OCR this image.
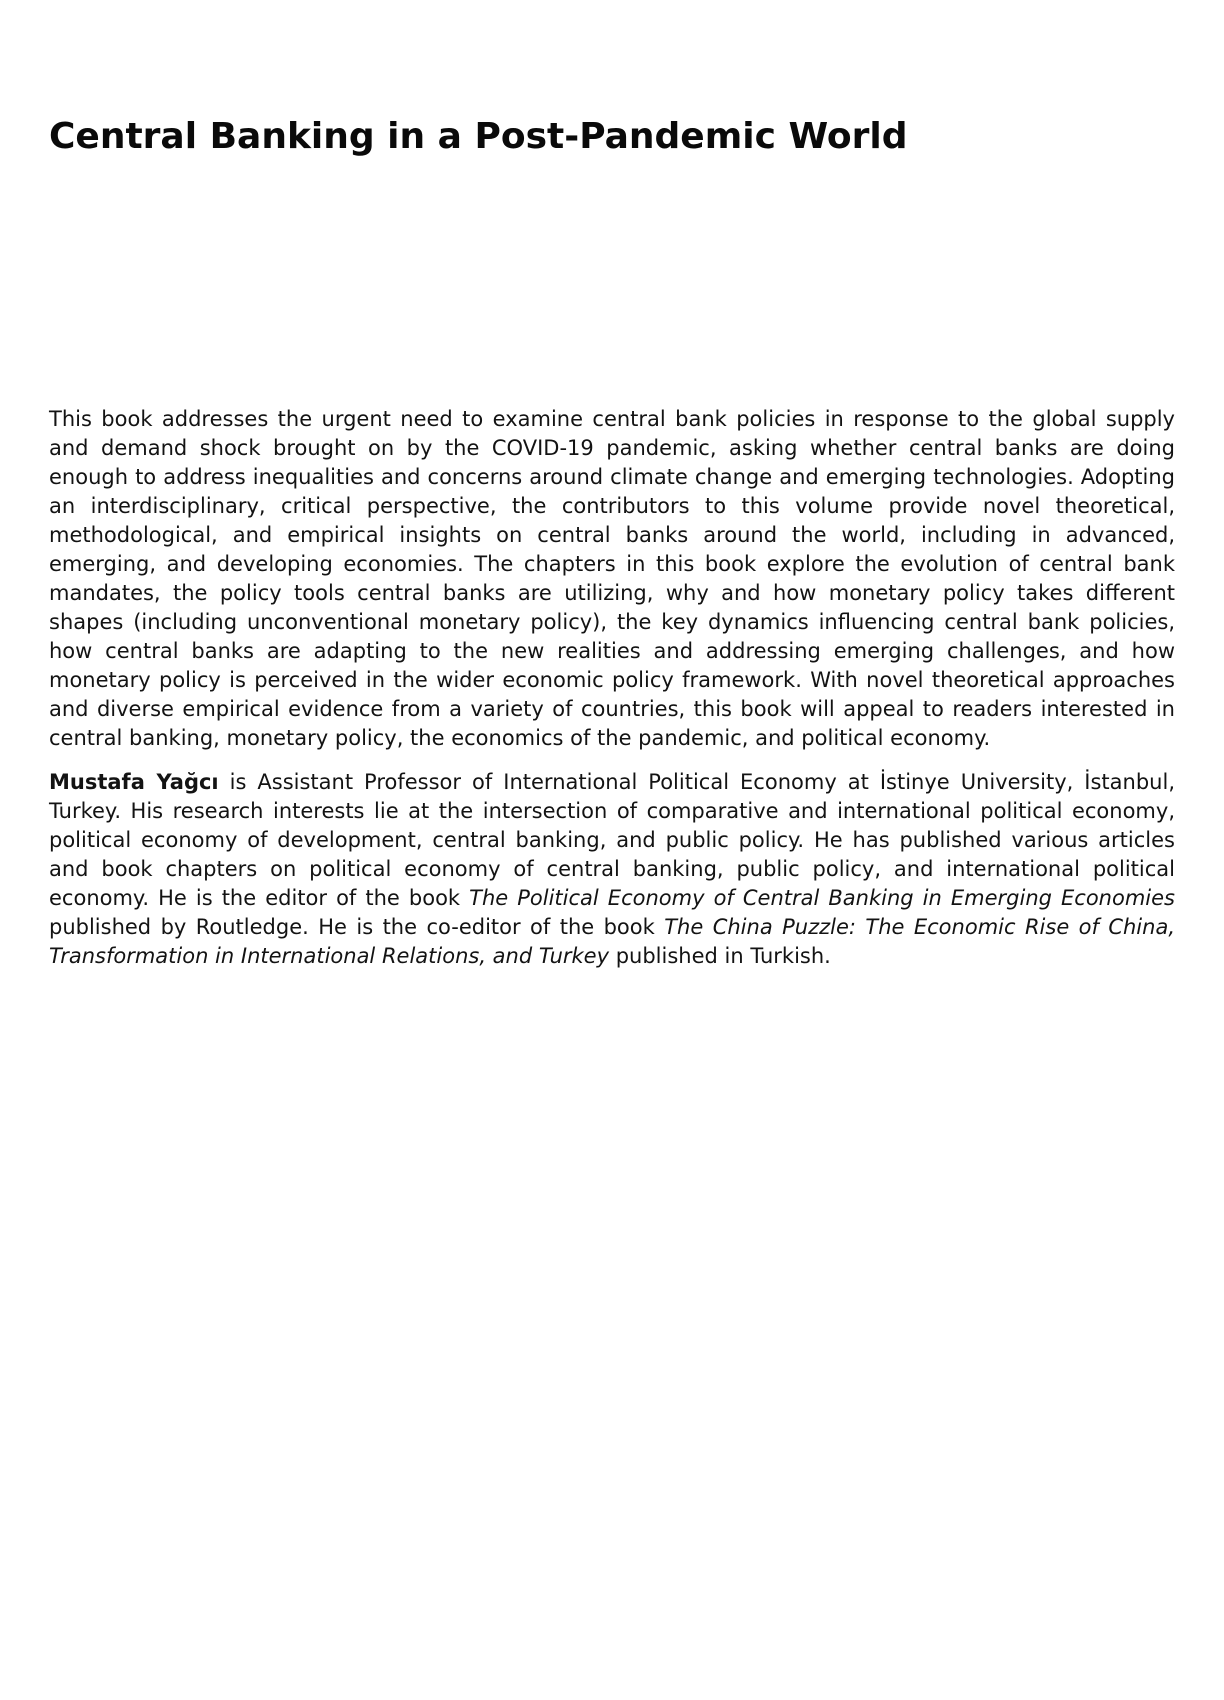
Central Banking in a Post-Pandemic World

This book addresses the urgent need to examine central bank policies in response to the global supply and demand shock brought on by the COVID-19 pandemic, asking whether central banks are doing enough to address inequalities and concerns around climate change and emerging technologies. Adopting an interdisciplinary, critical perspective, the contributors to this volume provide novel theoretical, methodological, and empirical insights on central banks around the world, including in advanced, emerging, and developing economies. The chapters in this book explore the evolution of central bank mandates, the policy tools central banks are utilizing, why and how monetary policy takes different shapes (including unconventional monetary policy), the key dynamics influencing central bank policies, how central banks are adapting to the new realities and addressing emerging challenges, and how monetary policy is perceived in the wider economic policy framework. With novel theoretical approaches and diverse empirical evidence from a variety of countries, this book will appeal to readers interested in central banking, monetary policy, the economics of the pandemic, and political economy.

Mustafa Yağcı is Assistant Professor of International Political Economy at İstinye University, İstanbul, Turkey. His research interests lie at the intersection of comparative and international political economy, political economy of development, central banking, and public policy. He has published various articles and book chapters on political economy of central banking, public policy, and international political economy. He is the editor of the book The Political Economy of Central Banking in Emerging Economies published by Routledge. He is the co-editor of the book The China Puzzle: The Economic Rise of China, Transformation in International Relations, and Turkey published in Turkish.
